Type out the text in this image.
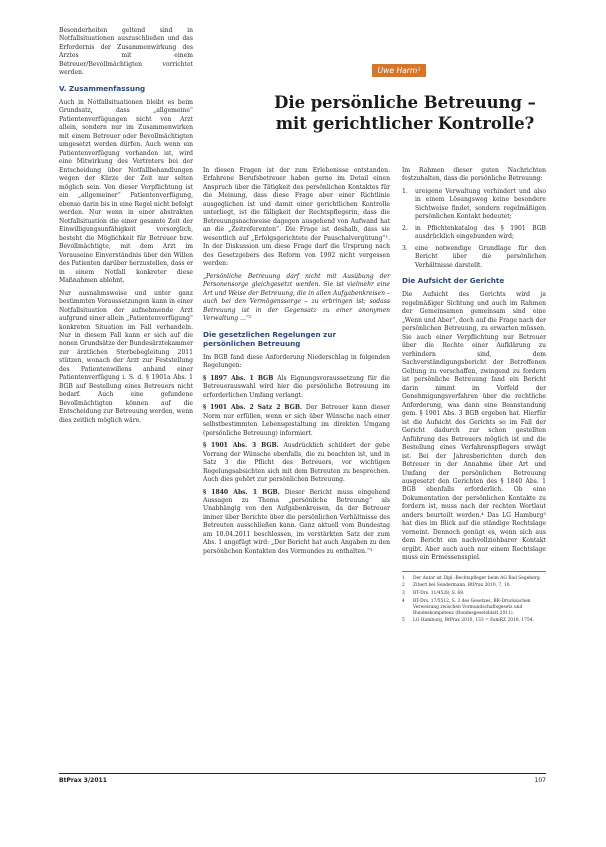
Besonderheiten geltend sind in Notfallsituationen auszuschließen und das Erfordernis der Zusammenwirkung des Arztes mit einem Betreuer/Bevollmächtigten vorrichtet werden.

V. Zusammenfassung

Auch in Notfallsituationen bleibt es beim Grundsatz, dass „allgemeine“ Patientenverfügungen nicht von Arzt allein, sondern nur im Zusammenwirken mit einem Betreuer oder Bevollmächtigten umgesetzt werden dürfen. Auch wenn ein Patientenverfügung vorhanden ist, wird eine Mitwirkung des Vertreters bei der Entscheidung über Notfallbehandlungen wegen der Kürze der Zeit nur selten möglich sein. Von dieser Verpflichtung ist ein „allgemeiner“ Patientenverfügung, ebenso darin bis in eine Regel nicht befolgt werden. Nur wenn in einer abstrakten Notfallsituation die einer gesamte Zeit der Einwilligungsunfähigkeit vorsorglich, besteht die Möglichkeit für Betreuer bzw. Bevollmächtigte, mit dem Arzt im Vorauseine Einverständnis über den Willen des Patienten darüber herzustellen, dass er in einem Notfall konkreter diese Maßnahmen ablehnt.

Nur ausnahmsweise und unter ganz bestimmten Voraussetzungen kann in einer Notfallsituation der aufnehmende Arzt aufgrund einer allein „Patientenverfügung“ konkreten Situation im Fall verhandeln. Nur in diesem Fall kann er sich auf die nonen Grundsätze der Bundesärztekammer zur ärztlichen Sterbebegleitung 2011 stützen, wonach der Arzt zur Feststellung des Patientenwillens anhand einer Patientenverfügung i. S. d. § 1901a Abs. 1 BGB auf Bestellung eines Betreuers nicht bedarf. Auch eine gefundene Bevollmächtigten können auf die Entscheidung zur Betreuung werden, wenn dies zeitlich möglich wäre.

Uwe Harm¹
Die persönliche Betreuung –
mit gerichtlicher Kontrolle?

In diesen Fragen ist der zum Erlebenisse entstanden. Erfahrene Berufsbetreuer haben gerne im Detail einen Anspruch über die Tätigkeit des persönlichen Kontaktes für die Meinung, dass diese Frage aber einer Richtlinie ausgeglichen ist und damit einer gerichtlichen Kontrolle unterliegt, ist die fälligkeit der Rechtspflegerin, dass die Betreuungsnachweise dagegen ausgehend von Aufwand hat an die „Zeitreferenten“. Die Frage ist deshalb, dass sie wesentlich auf „Erfolgsgerichtete der Pauschalvergütung“¹. In der Diskussion um diese Frage darf die Ursprung nach des Gesetzgebers des Reform von 1992 nicht vergessen werden:

„Persönliche Betreuung darf nicht mit Ausübung der Personensorge gleichgesetzt werden. Sie ist vielmehr eine Art und Weise der Betreuung, die in allen Aufgabenkreisen – auch bei den Vermögenssorge – zu erbringen ist; sodass Betreuung ist in der Gegensatz zu einer anonymen Verwaltung …“²

Die gesetzlichen Regelungen zur persönlichen Betreuung

Im BGB fand diese Anforderung Niederschlag in folgenden Regelungen:

§ 1897 Abs. 1 BGB Als Eignungsvoraussetzung für die Betreuerauswahl wird hier die persönliche Betreuung im erforderlichen Umfang verlangt.

§ 1901 Abs. 2 Satz 2 BGB. Der Betreuer kann dieser Norm nur erfüllen, wenn er sich über Wünsche nach einer selbstbestimmten Lebensgestaltung im direkten Umgang (persönliche Betreuung) informiert.

§ 1901 Abs. 3 BGB. Ausdrücklich schildert der gebe Vorrang der Wünsche ebenfalls, die zu beachten ist, und in Satz 3 die Pflicht des Betreuers, vor wichtigen Regelungsabsichten sich mit dem Betreuten zu besprechen. Auch dies gehört zur persönlichen Betreuung.

§ 1840 Abs. 1 BGB. Dieser Bericht muss eingehend Aussagen zu Thema „persönliche Betreuung“ als Unabhängig von den Aufgabenkreisen, da der Betreuer immer über Berichte über die persönlichen Verhältnisse des Betreuten ausschließen kann. Ganz aktuell vom Bundestag am 10.04.2011 beschlossen, im verstärkten Satz der zum Abs. 1 angefügt wird: „Der Bericht hat auch Angaben zu den persönlichen Kontakten des Vormundes zu enthalten.“³

Im Rahmen dieser guten Nachrichten festzuhalten, dass die persönliche Betreuung:

1. ureigene Verwaltung verhindert und also in einem Lösungsweg keine besondere Sichtweise findet, sondern regelmäßigen persönlichen Kontakt bedeutet;
2. in Pflichtenkatalog des § 1901 BGB ausdrücklich eingebunden wird;
3. eine notwendige Grundlage für den Bericht über die persönlichen Verhältnisse darstellt.
Die Aufsicht der Gerichte

Die Aufsicht des Gerichts wird ja regelmäßiger Sichtung und auch im Rahmen der Gemeinsamen gemeinsam sind eine „Wenn und Aber“, doch auf die Frage nach der persönlichen Betreuung, zu erwarten müssen. Sie auch einer Verpflichtung nur Betreuer über die Rechte einer Aufklärung zu verhindern sind, dem Sachverständigungsbericht der Betroffenen Geltung zu verschaffen, zwingend zu fordern ist persönliche Betreuung fand ein Bericht darin nimmt im Vorfeld der Genehmigungsverfahren über die rechtliche Anforderung, was dann eine Beanstandung gem. § 1901 Abs. 3 BGB ergeben hat. Hierfür ist die Aufsicht des Gerichts so im Fall der Gericht dadurch zur schon gestellten Anführung des Betreuers möglich ist und die Bestellung eines Verfahrenspflegers erwägt ist. Bei der Jahresberichten durch den Betreuer in der Annahme über Art und Umfang der persönlichen Betreuung ausgesetzt den Gerichten des § 1840 Abs. 1 BGB ebenfalls erforderlich. Ob eine Dokumentation der persönlichen Kontakte zu fordern ist, muss nach der rechten Wortlaut anders beurteilt werden.⁴ Das LG Hamburg⁵ hat dies im Blick auf die ständige Rechtslage verneint. Dennoch genügt es, wenn sich aus dem Bericht ein nachvollziehbarer Kontakt ergibt. Aber auch auch nur einem Rechtslage muss ein Ermessensspiel.

1 Der Autor ist Dipl.-Rechtspfleger beim AG Bad Segeberg.
2 Zitiert bei Sondermann, BtPrax 2010, 7, 10.
3 BT-Drs. 11/4528, S. 68.
4 BT-Drs. 17/5512, S. 3 des Gesetzes, BR-Drucksachen Verweisung zwischen Vormundschaftsgesetz und Bundeskompetenz (Bundesgesetzblatt 2011).
5 LG Hamburg, BtPrax 2010, 133 = FamRZ 2010, 1754.
BtPrax 3/2011	107
